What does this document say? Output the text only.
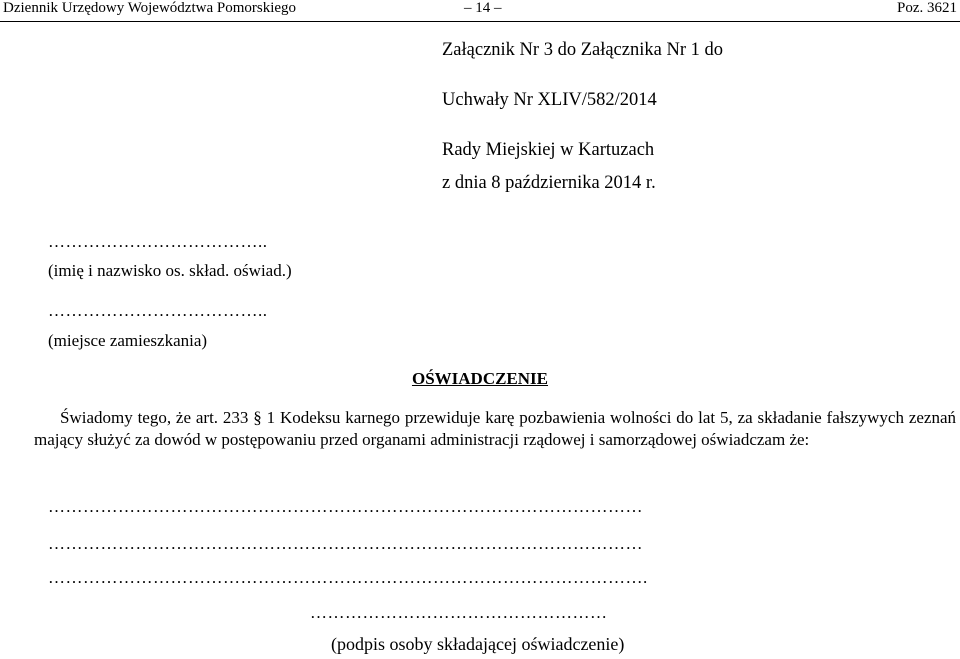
Dziennik Urzędowy Województwa Pomorskiego	– 14 –	Poz. 3621
Załącznik Nr 3 do Załącznika Nr 1 do
Uchwały Nr XLIV/582/2014
Rady Miejskiej w Kartuzach
z dnia 8 października 2014 r.
………………………………..
(imię i nazwisko os. skład. oświad.)
………………………………..
(miejsce zamieszkania)
OŚWIADCZENIE
Świadomy tego, że art. 233 § 1 Kodeksu karnego przewiduje karę pozbawienia wolności do lat 5, za składanie fałszywych zeznań mający służyć za dowód w postępowaniu przed organami administracji rządowej i samorządowej oświadczam że:
…………………………………………………………………………………………
…………………………………………………………………………………………
………………………………………………………………………………………….
……………………………………………
(podpis osoby składającej oświadczenie)
